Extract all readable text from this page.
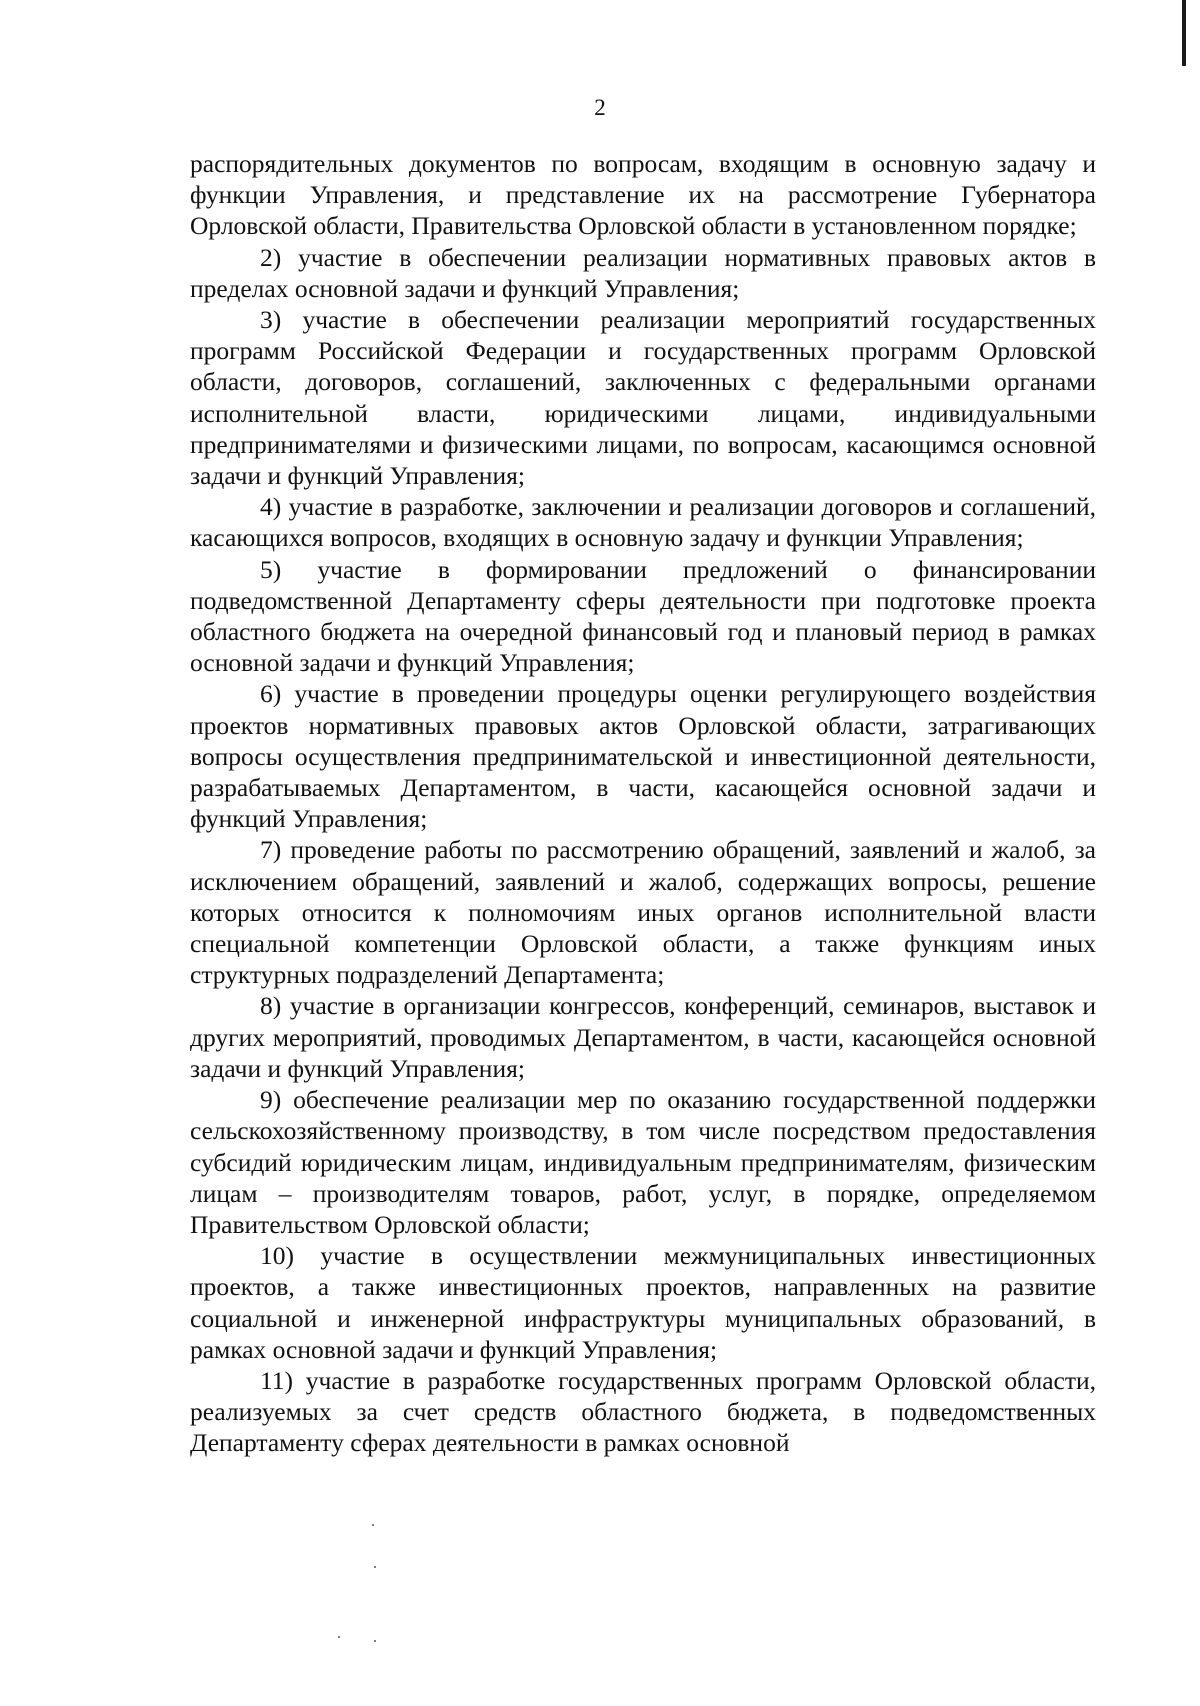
2

распорядительных документов по вопросам, входящим в основную задачу и функции Управления, и представление их на рассмотрение Губернатора Орловской области, Правительства Орловской области в установленном порядке;

2) участие в обеспечении реализации нормативных правовых актов в пределах основной задачи и функций Управления;

3) участие в обеспечении реализации мероприятий государственных программ Российской Федерации и государственных программ Орловской области, договоров, соглашений, заключенных с федеральными органами исполнительной власти, юридическими лицами, индивидуальными предпринимателями и физическими лицами, по вопросам, касающимся основной задачи и функций Управления;

4) участие в разработке, заключении и реализации договоров и соглашений, касающихся вопросов, входящих в основную задачу и функции Управления;

5) участие в формировании предложений о финансировании подведомственной Департаменту сферы деятельности при подготовке проекта областного бюджета на очередной финансовый год и плановый период в рамках основной задачи и функций Управления;

6) участие в проведении процедуры оценки регулирующего воздействия проектов нормативных правовых актов Орловской области, затрагивающих вопросы осуществления предпринимательской и инвестиционной деятельности, разрабатываемых Департаментом, в части, касающейся основной задачи и функций Управления;

7) проведение работы по рассмотрению обращений, заявлений и жалоб, за исключением обращений, заявлений и жалоб, содержащих вопросы, решение которых относится к полномочиям иных органов исполнительной власти специальной компетенции Орловской области, а также функциям иных структурных подразделений Департамента;

8) участие в организации конгрессов, конференций, семинаров, выставок и других мероприятий, проводимых Департаментом, в части, касающейся основной задачи и функций Управления;

9) обеспечение реализации мер по оказанию государственной поддержки сельскохозяйственному производству, в том числе посредством предоставления субсидий юридическим лицам, индивидуальным предпринимателям, физическим лицам – производителям товаров, работ, услуг, в порядке, определяемом Правительством Орловской области;

10) участие в осуществлении межмуниципальных инвестиционных проектов, а также инвестиционных проектов, направленных на развитие социальной и инженерной инфраструктуры муниципальных образований, в рамках основной задачи и функций Управления;

11) участие в разработке государственных программ Орловской области, реализуемых за счет средств областного бюджета, в подведомственных Департаменту сферах деятельности в рамках основной
